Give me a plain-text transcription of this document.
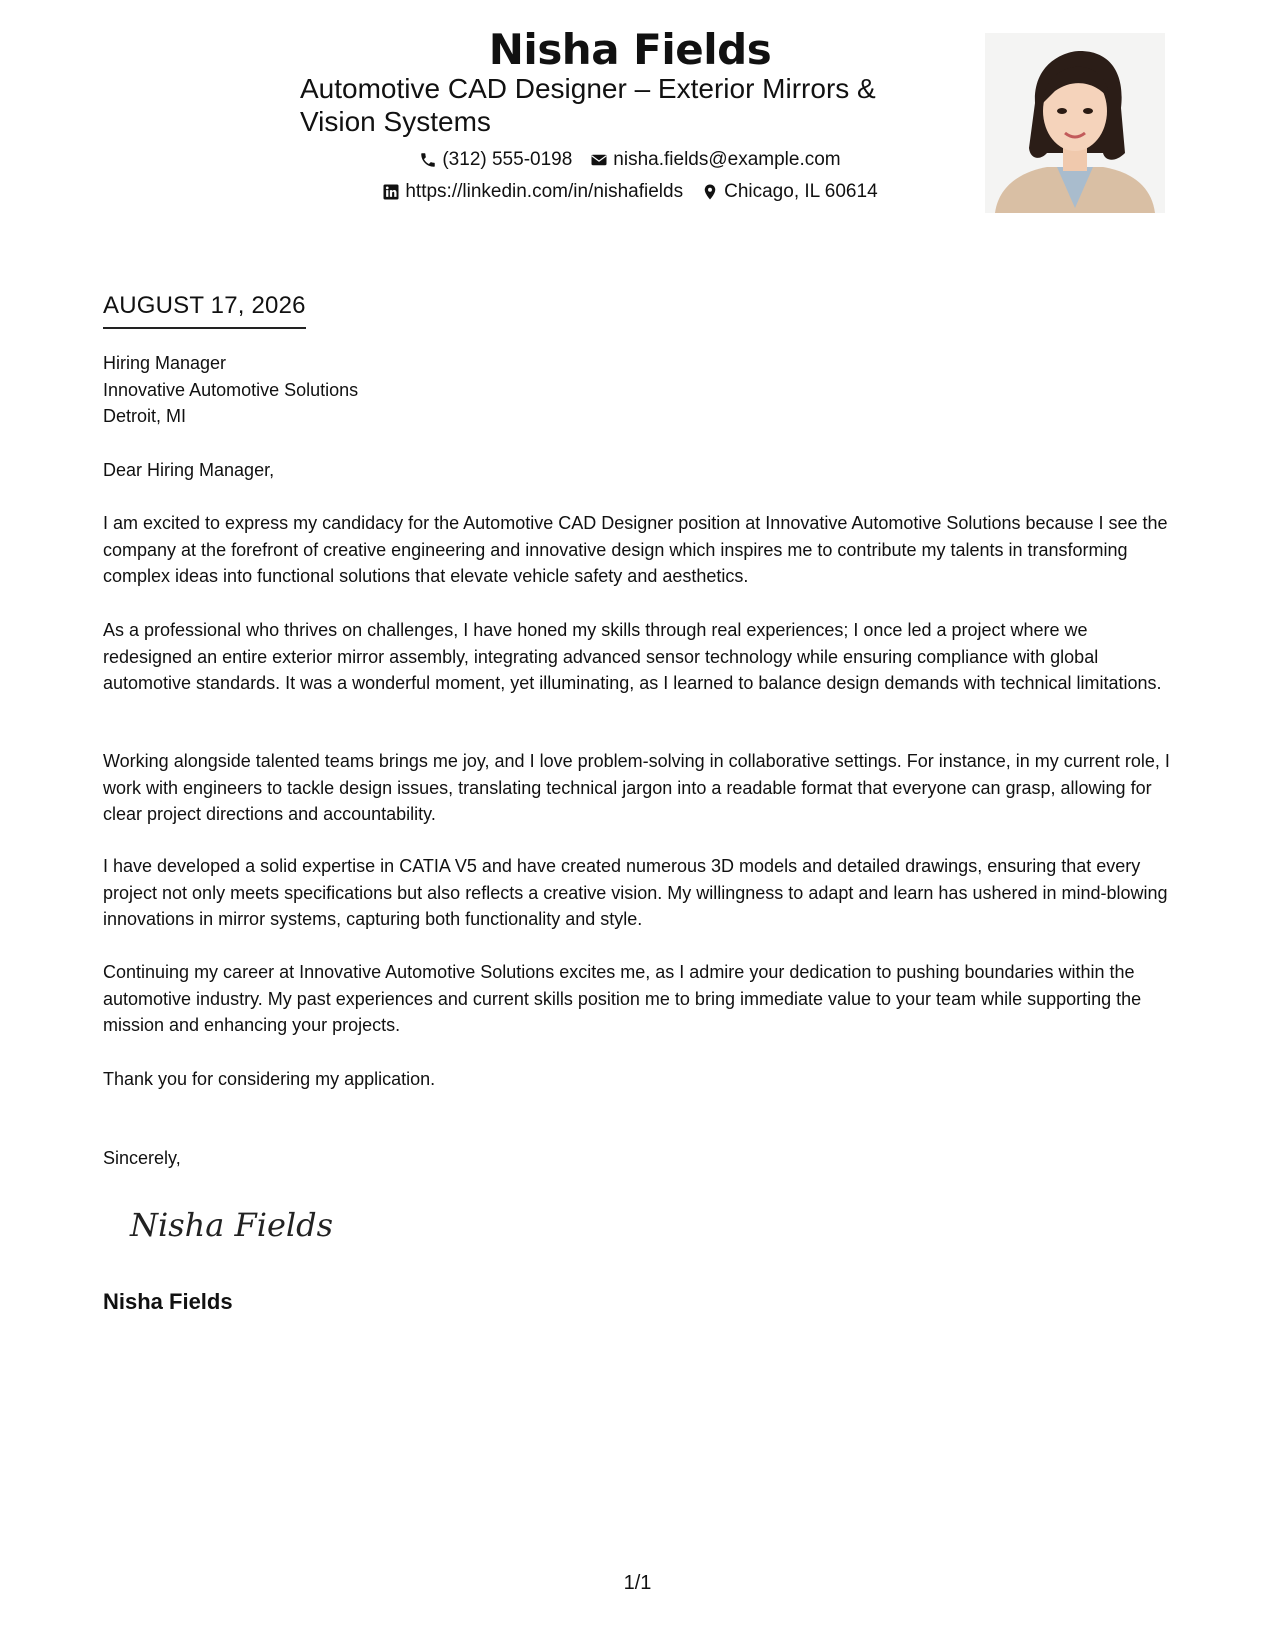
Nisha Fields
Automotive CAD Designer – Exterior Mirrors & Vision Systems
(312) 555-0198 nisha.fields@example.com
https://linkedin.com/in/nishafields Chicago, IL 60614
AUGUST 17, 2026
Hiring Manager
Innovative Automotive Solutions
Detroit, MI
Dear Hiring Manager,
I am excited to express my candidacy for the Automotive CAD Designer position at Innovative Automotive Solutions because I see the company at the forefront of creative engineering and innovative design which inspires me to contribute my talents in transforming complex ideas into functional solutions that elevate vehicle safety and aesthetics.
As a professional who thrives on challenges, I have honed my skills through real experiences; I once led a project where we redesigned an entire exterior mirror assembly, integrating advanced sensor technology while ensuring compliance with global automotive standards. It was a wonderful moment, yet illuminating, as I learned to balance design demands with technical limitations.
Working alongside talented teams brings me joy, and I love problem-solving in collaborative settings. For instance, in my current role, I work with engineers to tackle design issues, translating technical jargon into a readable format that everyone can grasp, allowing for clear project directions and accountability.
I have developed a solid expertise in CATIA V5 and have created numerous 3D models and detailed drawings, ensuring that every project not only meets specifications but also reflects a creative vision. My willingness to adapt and learn has ushered in mind-blowing innovations in mirror systems, capturing both functionality and style.
Continuing my career at Innovative Automotive Solutions excites me, as I admire your dedication to pushing boundaries within the automotive industry. My past experiences and current skills position me to bring immediate value to your team while supporting the mission and enhancing your projects.
Thank you for considering my application.
Sincerely,
Nisha Fields
Nisha Fields
1/1
